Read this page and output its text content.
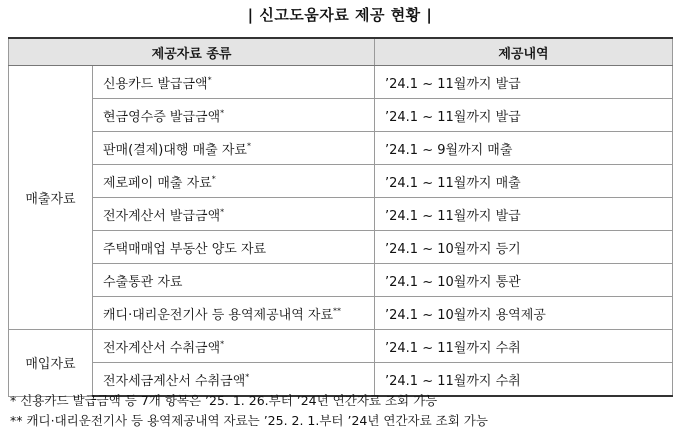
| 신고도움자료 제공 현황 |
제공자료 종류		제공내역
매출자료	신용카드 발급금액*	’24.1 ~ 11월까지 발급
	현금영수증 발급금액*	’24.1 ~ 11월까지 발급
	판매(결제)대행 매출 자료*	’24.1 ~ 9월까지 매출
	제로페이 매출 자료*	’24.1 ~ 11월까지 매출
	전자계산서 발급금액*	’24.1 ~ 11월까지 발급
	주택매매업 부동산 양도 자료	’24.1 ~ 10월까지 등기
	수출통관 자료	’24.1 ~ 10월까지 통관
	캐디·대리운전기사 등 용역제공내역 자료**	’24.1 ~ 10월까지 용역제공
매입자료	전자계산서 수취금액*	’24.1 ~ 11월까지 수취
	전자세금계산서 수취금액*	’24.1 ~ 11월까지 수취
* 신용카드 발급금액 등 7개 항목은 ’25. 1. 26.부터 ’24년 연간자료 조회 가능
** 캐디·대리운전기사 등 용역제공내역 자료는 ’25. 2. 1.부터 ’24년 연간자료 조회 가능
